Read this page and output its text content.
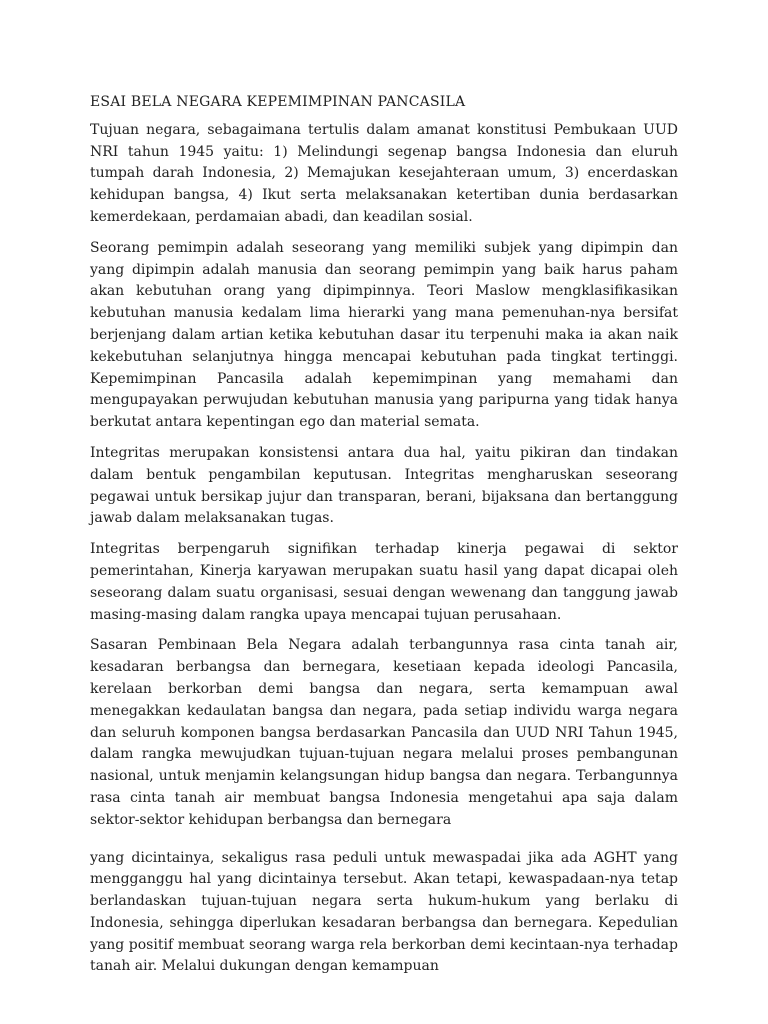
ESAI BELA NEGARA KEPEMIMPINAN PANCASILA

Tujuan negara, sebagaimana tertulis dalam amanat konstitusi Pembukaan UUD NRI tahun 1945 yaitu: 1) Melindungi segenap bangsa Indonesia dan eluruh tumpah darah Indonesia, 2) Memajukan kesejahteraan umum, 3) encerdaskan kehidupan bangsa, 4) Ikut serta melaksanakan ketertiban dunia berdasarkan kemerdekaan, perdamaian abadi, dan keadilan sosial.

Seorang pemimpin adalah seseorang yang memiliki subjek yang dipimpin dan yang dipimpin adalah manusia dan seorang pemimpin yang baik harus paham akan kebutuhan orang yang dipimpinnya. Teori Maslow mengklasifikasikan kebutuhan manusia kedalam lima hierarki yang mana pemenuhan-nya bersifat berjenjang dalam artian ketika kebutuhan dasar itu terpenuhi maka ia akan naik kekebutuhan selanjutnya hingga mencapai kebutuhan pada tingkat tertinggi. Kepemimpinan Pancasila adalah kepemimpinan yang memahami dan mengupayakan perwujudan kebutuhan manusia yang paripurna yang tidak hanya berkutat antara kepentingan ego dan material semata.

Integritas merupakan konsistensi antara dua hal, yaitu pikiran dan tindakan dalam bentuk pengambilan keputusan. Integritas mengharuskan seseorang pegawai untuk bersikap jujur dan transparan, berani, bijaksana dan bertanggung jawab dalam melaksanakan tugas.

Integritas berpengaruh signifikan terhadap kinerja pegawai di sektor pemerintahan, Kinerja karyawan merupakan suatu hasil yang dapat dicapai oleh seseorang dalam suatu organisasi, sesuai dengan wewenang dan tanggung jawab masing-masing dalam rangka upaya mencapai tujuan perusahaan.

Sasaran Pembinaan Bela Negara adalah terbangunnya rasa cinta tanah air, kesadaran berbangsa dan bernegara, kesetiaan kepada ideologi Pancasila, kerelaan berkorban demi bangsa dan negara, serta kemampuan awal menegakkan kedaulatan bangsa dan negara, pada setiap individu warga negara dan seluruh komponen bangsa berdasarkan Pancasila dan UUD NRI Tahun 1945, dalam rangka mewujudkan tujuan-tujuan negara melalui proses pembangunan nasional, untuk menjamin kelangsungan hidup bangsa dan negara. Terbangunnya rasa cinta tanah air membuat bangsa Indonesia mengetahui apa saja dalam sektor-sektor kehidupan berbangsa dan bernegara

yang dicintainya, sekaligus rasa peduli untuk mewaspadai jika ada AGHT yang mengganggu hal yang dicintainya tersebut. Akan tetapi, kewaspadaan-nya tetap berlandaskan tujuan-tujuan negara serta hukum-hukum yang berlaku di Indonesia, sehingga diperlukan kesadaran berbangsa dan bernegara. Kepedulian yang positif membuat seorang warga rela berkorban demi kecintaan-nya terhadap tanah air. Melalui dukungan dengan kemampuan
